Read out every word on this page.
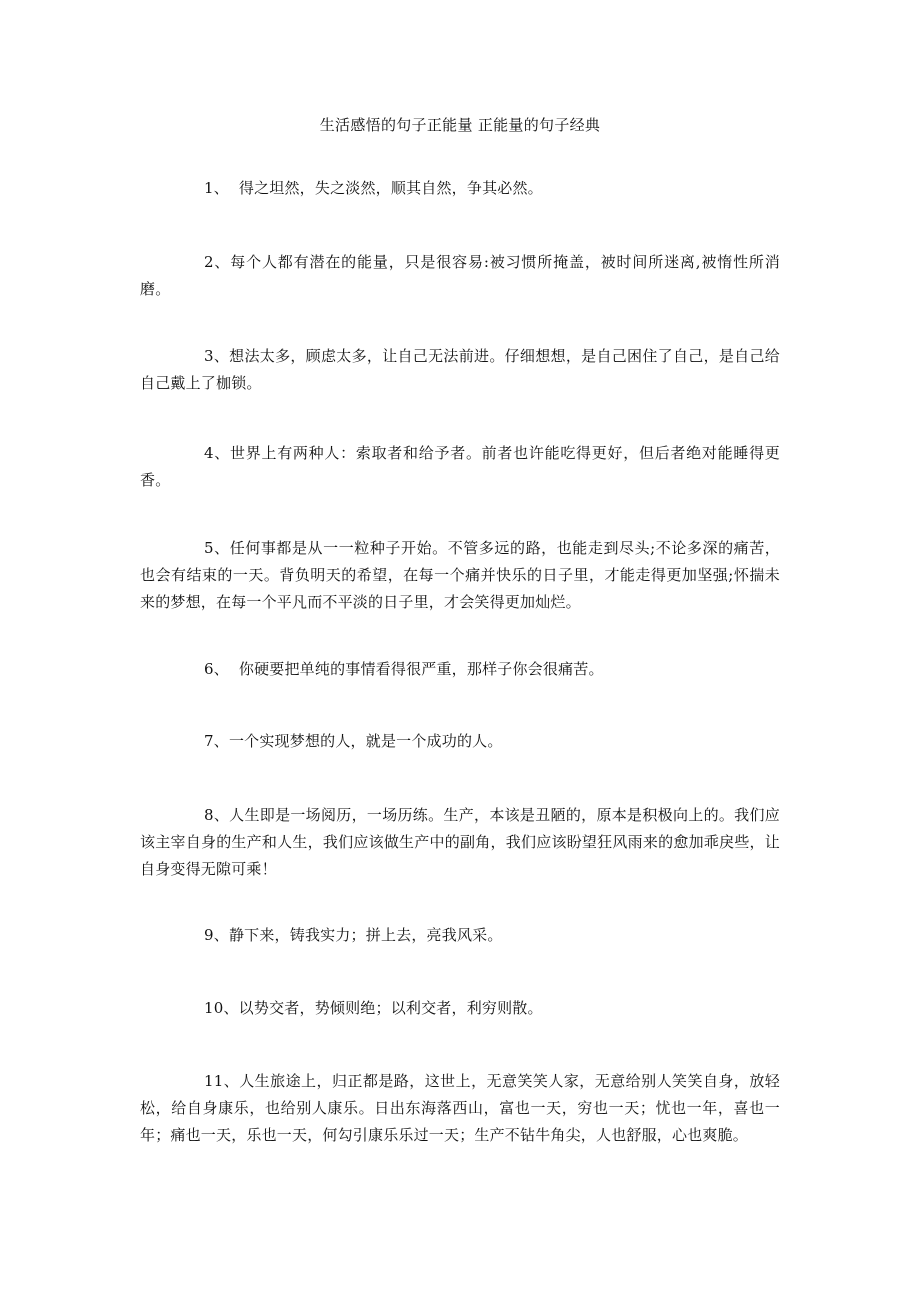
生活感悟的句子正能量 正能量的句子经典

1、  得之坦然，失之淡然，顺其自然，争其必然。

2、每个人都有潜在的能量，只是很容易:被习惯所掩盖，被时间所迷离,被惰性所消磨。

3、想法太多，顾虑太多，让自己无法前进。仔细想想，是自己困住了自己，是自己给自己戴上了枷锁。

4、世界上有两种人：索取者和给予者。前者也许能吃得更好，但后者绝对能睡得更香。

5、任何事都是从一一粒种子开始。不管多远的路，也能走到尽头;不论多深的痛苦，也会有结束的一天。背负明天的希望，在每一个痛并快乐的日子里，才能走得更加坚强;怀揣未来的梦想，在每一个平凡而不平淡的日子里，才会笑得更加灿烂。

6、  你硬要把单纯的事情看得很严重，那样子你会很痛苦。

7、一个实现梦想的人，就是一个成功的人。

8、人生即是一场阅历，一场历练。生产，本该是丑陋的，原本是积极向上的。我们应该主宰自身的生产和人生，我们应该做生产中的副角，我们应该盼望狂风雨来的愈加乖戾些，让自身变得无隙可乘！

9、静下来，铸我实力；拼上去，亮我风采。

10、以势交者，势倾则绝；以利交者，利穷则散。

11、人生旅途上，归正都是路，这世上，无意笑笑人家，无意给别人笑笑自身，放轻松，给自身康乐，也给别人康乐。日出东海落西山，富也一天，穷也一天；忧也一年，喜也一年；痛也一天，乐也一天，何勾引康乐乐过一天；生产不钻牛角尖，人也舒服，心也爽脆。
